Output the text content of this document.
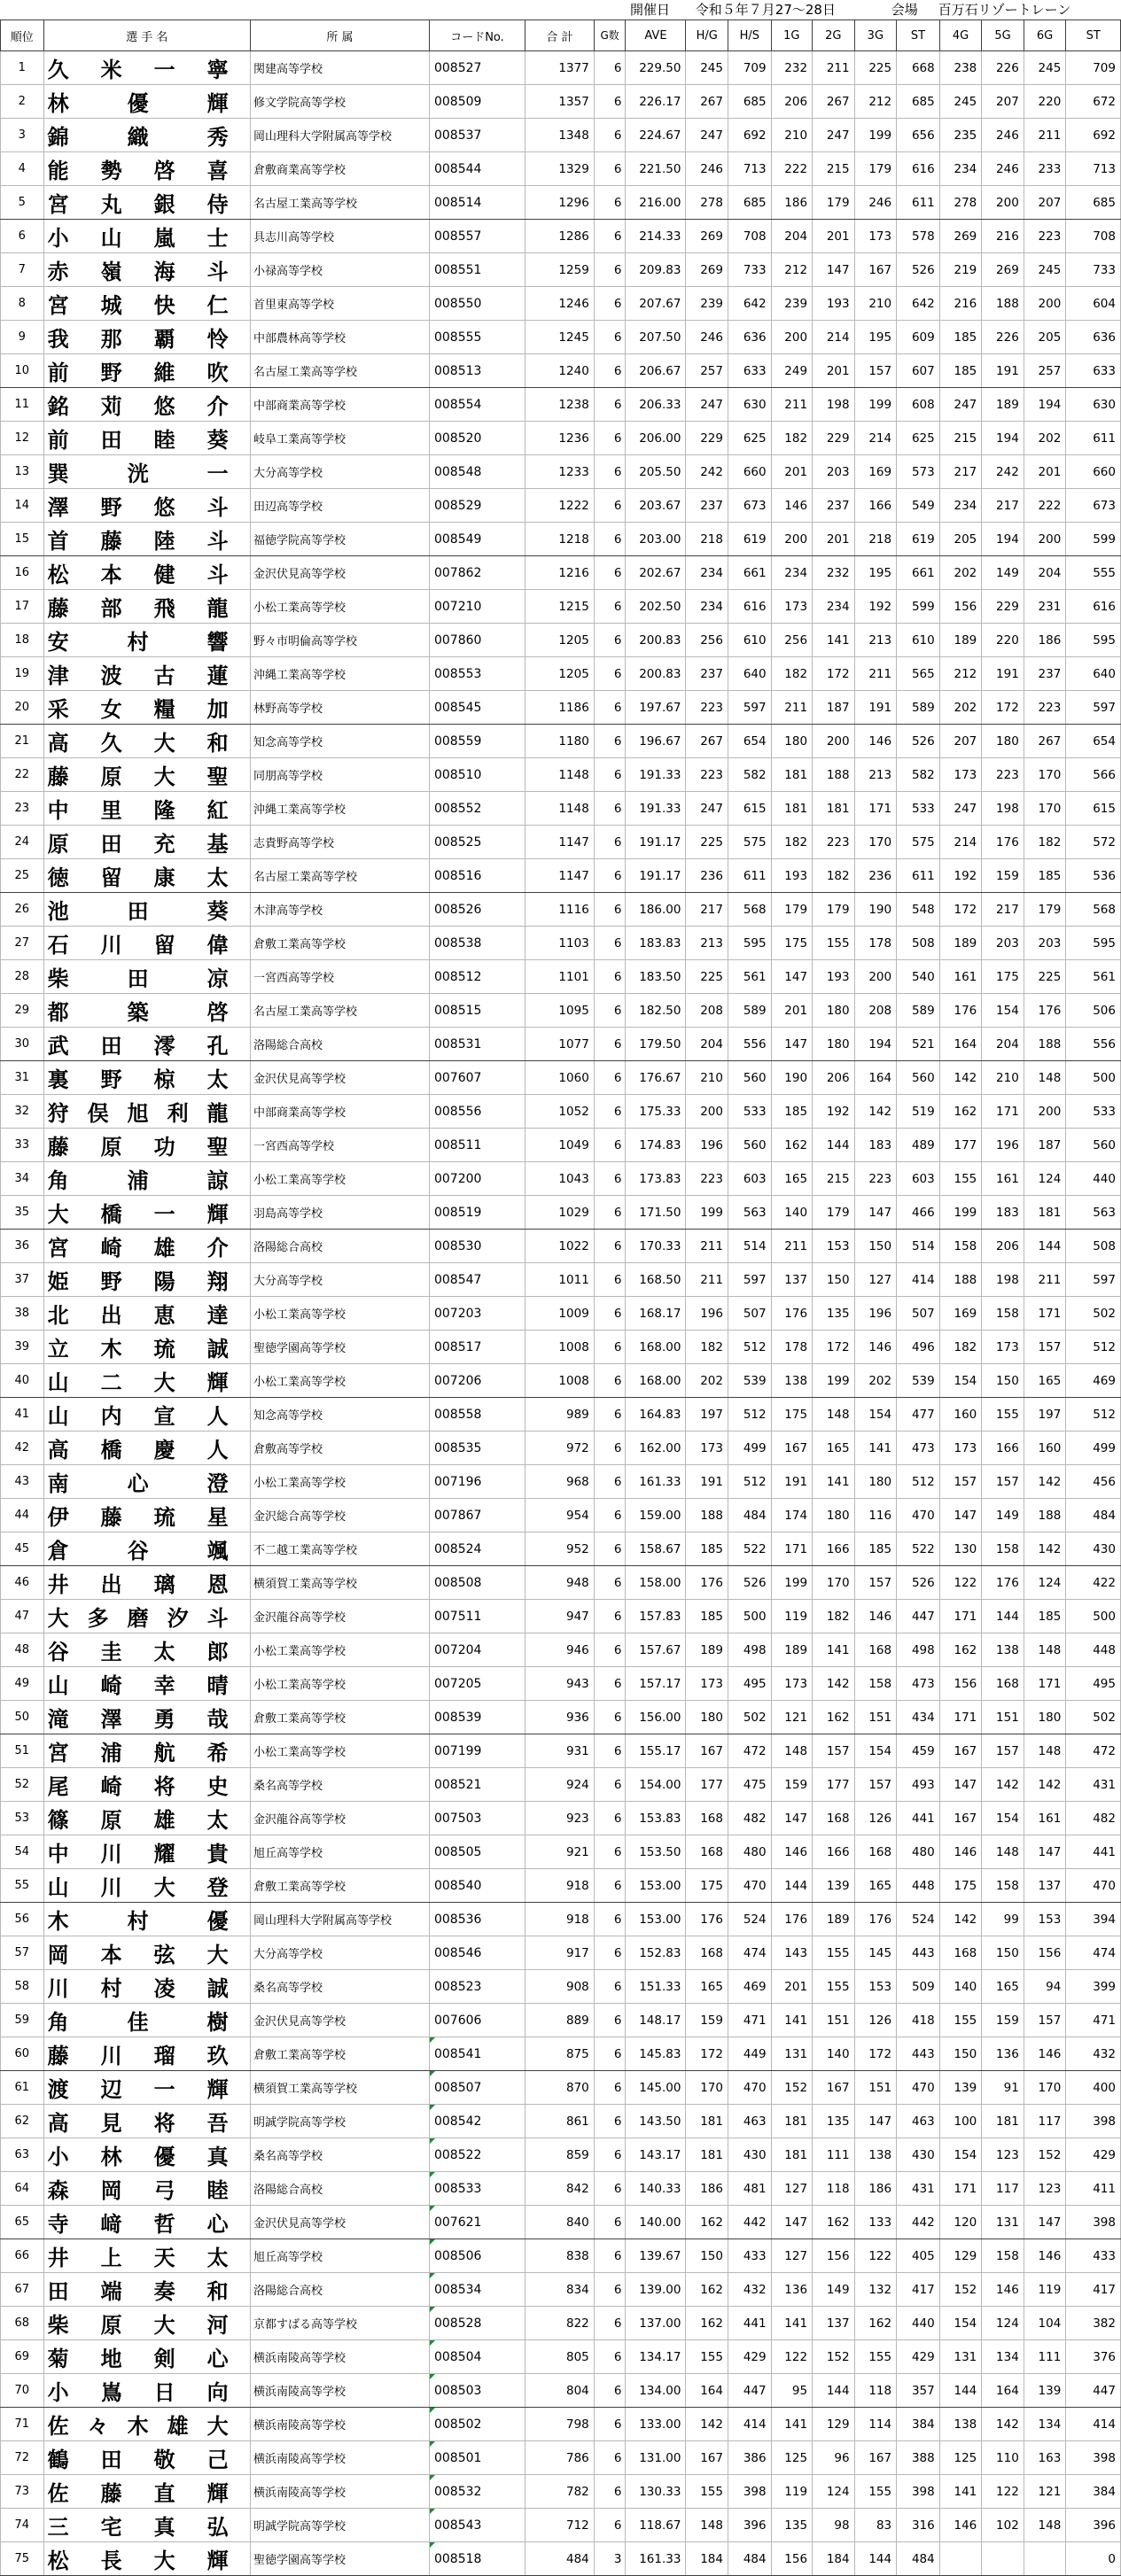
開催日 令和５年７月27～28日	会場 百万石リゾートレーン
順位	選 手 名	所 属	コードNo.	合 計	G数	AVE	H/G	H/S	1G	2G	3G	ST	4G	5G	6G	ST
1	久 米 一 寧	関建高等学校	008527	1377	6	229.50	245	709	232	211	225	668	238	226	245	709
2	林 優 輝	修文学院高等学校	008509	1357	6	226.17	267	685	206	267	212	685	245	207	220	672
3	錦 織 秀	岡山理科大学附属高等学校	008537	1348	6	224.67	247	692	210	247	199	656	235	246	211	692
4	能 勢 啓 喜	倉敷商業高等学校	008544	1329	6	221.50	246	713	222	215	179	616	234	246	233	713
5	宮 丸 銀 侍	名古屋工業高等学校	008514	1296	6	216.00	278	685	186	179	246	611	278	200	207	685
6	小 山 嵐 士	具志川高等学校	008557	1286	6	214.33	269	708	204	201	173	578	269	216	223	708
7	赤 嶺 海 斗	小禄高等学校	008551	1259	6	209.83	269	733	212	147	167	526	219	269	245	733
8	宮 城 快 仁	首里東高等学校	008550	1246	6	207.67	239	642	239	193	210	642	216	188	200	604
9	我 那 覇 怜	中部農林高等学校	008555	1245	6	207.50	246	636	200	214	195	609	185	226	205	636
10	前 野 維 吹	名古屋工業高等学校	008513	1240	6	206.67	257	633	249	201	157	607	185	191	257	633
11	銘 苅 悠 介	中部商業高等学校	008554	1238	6	206.33	247	630	211	198	199	608	247	189	194	630
12	前 田 睦 葵	岐阜工業高等学校	008520	1236	6	206.00	229	625	182	229	214	625	215	194	202	611
13	巽 洸 一	大分高等学校	008548	1233	6	205.50	242	660	201	203	169	573	217	242	201	660
14	澤 野 悠 斗	田辺高等学校	008529	1222	6	203.67	237	673	146	237	166	549	234	217	222	673
15	首 藤 陸 斗	福徳学院高等学校	008549	1218	6	203.00	218	619	200	201	218	619	205	194	200	599
16	松 本 健 斗	金沢伏見高等学校	007862	1216	6	202.67	234	661	234	232	195	661	202	149	204	555
17	藤 部 飛 龍	小松工業高等学校	007210	1215	6	202.50	234	616	173	234	192	599	156	229	231	616
18	安 村 響	野々市明倫高等学校	007860	1205	6	200.83	256	610	256	141	213	610	189	220	186	595
19	津 波 古 蓮	沖縄工業高等学校	008553	1205	6	200.83	237	640	182	172	211	565	212	191	237	640
20	采 女 糧 加	林野高等学校	008545	1186	6	197.67	223	597	211	187	191	589	202	172	223	597
21	高 久 大 和	知念高等学校	008559	1180	6	196.67	267	654	180	200	146	526	207	180	267	654
22	藤 原 大 聖	同朋高等学校	008510	1148	6	191.33	223	582	181	188	213	582	173	223	170	566
23	中 里 隆 紅	沖縄工業高等学校	008552	1148	6	191.33	247	615	181	181	171	533	247	198	170	615
24	原 田 充 基	志貴野高等学校	008525	1147	6	191.17	225	575	182	223	170	575	214	176	182	572
25	徳 留 康 太	名古屋工業高等学校	008516	1147	6	191.17	236	611	193	182	236	611	192	159	185	536
26	池 田 葵	木津高等学校	008526	1116	6	186.00	217	568	179	179	190	548	172	217	179	568
27	石 川 留 偉	倉敷工業高等学校	008538	1103	6	183.83	213	595	175	155	178	508	189	203	203	595
28	柴 田 凉	一宮西高等学校	008512	1101	6	183.50	225	561	147	193	200	540	161	175	225	561
29	都 築 啓	名古屋工業高等学校	008515	1095	6	182.50	208	589	201	180	208	589	176	154	176	506
30	武 田 澪 孔	洛陽総合高校	008531	1077	6	179.50	204	556	147	180	194	521	164	204	188	556
31	裏 野 椋 太	金沢伏見高等学校	007607	1060	6	176.67	210	560	190	206	164	560	142	210	148	500
32	狩 俣 旭 利 龍	中部商業高等学校	008556	1052	6	175.33	200	533	185	192	142	519	162	171	200	533
33	藤 原 功 聖	一宮西高等学校	008511	1049	6	174.83	196	560	162	144	183	489	177	196	187	560
34	角 浦 諒	小松工業高等学校	007200	1043	6	173.83	223	603	165	215	223	603	155	161	124	440
35	大 橋 一 輝	羽島高等学校	008519	1029	6	171.50	199	563	140	179	147	466	199	183	181	563
36	宮 崎 雄 介	洛陽総合高校	008530	1022	6	170.33	211	514	211	153	150	514	158	206	144	508
37	姫 野 陽 翔	大分高等学校	008547	1011	6	168.50	211	597	137	150	127	414	188	198	211	597
38	北 出 恵 達	小松工業高等学校	007203	1009	6	168.17	196	507	176	135	196	507	169	158	171	502
39	立 木 琉 誠	聖徳学園高等学校	008517	1008	6	168.00	182	512	178	172	146	496	182	173	157	512
40	山 二 大 輝	小松工業高等学校	007206	1008	6	168.00	202	539	138	199	202	539	154	150	165	469
41	山 内 宣 人	知念高等学校	008558	989	6	164.83	197	512	175	148	154	477	160	155	197	512
42	高 橋 慶 人	倉敷高等学校	008535	972	6	162.00	173	499	167	165	141	473	173	166	160	499
43	南 心 澄	小松工業高等学校	007196	968	6	161.33	191	512	191	141	180	512	157	157	142	456
44	伊 藤 琉 星	金沢総合高等学校	007867	954	6	159.00	188	484	174	180	116	470	147	149	188	484
45	倉 谷 颯	不二越工業高等学校	008524	952	6	158.67	185	522	171	166	185	522	130	158	142	430
46	井 出 璃 恩	横須賀工業高等学校	008508	948	6	158.00	176	526	199	170	157	526	122	176	124	422
47	大 多 磨 汐 斗	金沢龍谷高等学校	007511	947	6	157.83	185	500	119	182	146	447	171	144	185	500
48	谷 圭 太 郎	小松工業高等学校	007204	946	6	157.67	189	498	189	141	168	498	162	138	148	448
49	山 崎 幸 晴	小松工業高等学校	007205	943	6	157.17	173	495	173	142	158	473	156	168	171	495
50	滝 澤 勇 哉	倉敷工業高等学校	008539	936	6	156.00	180	502	121	162	151	434	171	151	180	502
51	宮 浦 航 希	小松工業高等学校	007199	931	6	155.17	167	472	148	157	154	459	167	157	148	472
52	尾 崎 将 史	桑名高等学校	008521	924	6	154.00	177	475	159	177	157	493	147	142	142	431
53	篠 原 雄 太	金沢龍谷高等学校	007503	923	6	153.83	168	482	147	168	126	441	167	154	161	482
54	中 川 耀 貴	旭丘高等学校	008505	921	6	153.50	168	480	146	166	168	480	146	148	147	441
55	山 川 大 登	倉敷工業高等学校	008540	918	6	153.00	175	470	144	139	165	448	175	158	137	470
56	木 村 優	岡山理科大学附属高等学校	008536	918	6	153.00	176	524	176	189	176	524	142	99	153	394
57	岡 本 弦 大	大分高等学校	008546	917	6	152.83	168	474	143	155	145	443	168	150	156	474
58	川 村 凌 誠	桑名高等学校	008523	908	6	151.33	165	469	201	155	153	509	140	165	94	399
59	角 佳 樹	金沢伏見高等学校	007606	889	6	148.17	159	471	141	151	126	418	155	159	157	471
60	藤 川 瑠 玖	倉敷工業高等学校	008541	875	6	145.83	172	449	131	140	172	443	150	136	146	432
61	渡 辺 一 輝	横須賀工業高等学校	008507	870	6	145.00	170	470	152	167	151	470	139	91	170	400
62	高 見 将 吾	明誠学院高等学校	008542	861	6	143.50	181	463	181	135	147	463	100	181	117	398
63	小 林 優 真	桑名高等学校	008522	859	6	143.17	181	430	181	111	138	430	154	123	152	429
64	森 岡 弓 睦	洛陽総合高校	008533	842	6	140.33	186	481	127	118	186	431	171	117	123	411
65	寺 﨑 哲 心	金沢伏見高等学校	007621	840	6	140.00	162	442	147	162	133	442	120	131	147	398
66	井 上 天 太	旭丘高等学校	008506	838	6	139.67	150	433	127	156	122	405	129	158	146	433
67	田 端 奏 和	洛陽総合高校	008534	834	6	139.00	162	432	136	149	132	417	152	146	119	417
68	柴 原 大 河	京都すばる高等学校	008528	822	6	137.00	162	441	141	137	162	440	154	124	104	382
69	菊 地 剣 心	横浜南陵高等学校	008504	805	6	134.17	155	429	122	152	155	429	131	134	111	376
70	小 嶌 日 向	横浜南陵高等学校	008503	804	6	134.00	164	447	95	144	118	357	144	164	139	447
71	佐 々 木 雄 大	横浜南陵高等学校	008502	798	6	133.00	142	414	141	129	114	384	138	142	134	414
72	鶴 田 敬 己	横浜南陵高等学校	008501	786	6	131.00	167	386	125	96	167	388	125	110	163	398
73	佐 藤 直 輝	横浜南陵高等学校	008532	782	6	130.33	155	398	119	124	155	398	141	122	121	384
74	三 宅 真 弘	明誠学院高等学校	008543	712	6	118.67	148	396	135	98	83	316	146	102	148	396
75	松 長 大 輝	聖徳学園高等学校	008518	484	3	161.33	184	484	156	184	144	484				0
